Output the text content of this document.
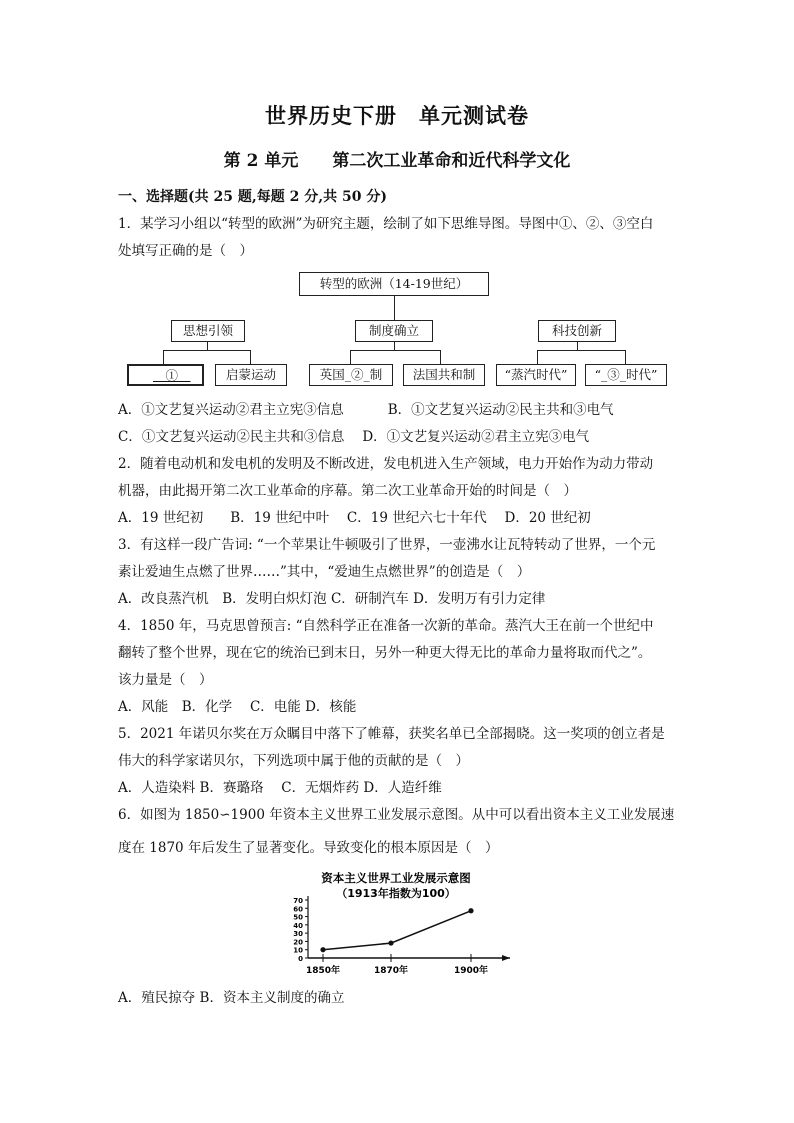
世界历史下册　单元测试卷
第 2 单元　　第二次工业革命和近代科学文化
一、选择题(共 25 题,每题 2 分,共 50 分)
1．某学习小组以“转型的欧洲”为研究主题，绘制了如下思维导图。导图中①、②、③空白
处填写正确的是（　）
转型的欧洲（14-19世纪）
思想引领	制度确立	科技创新
　①　	启蒙运动	英国_②_制	法国共和制	“蒸汽时代”	“_③_时代”
A．①文艺复兴运动②君主立宪③信息	B．①文艺复兴运动②民主共和③电气
C．①文艺复兴运动②民主共和③信息 D．①文艺复兴运动②君主立宪③电气
2．随着电动机和发电机的发明及不断改进，发电机进入生产领域，电力开始作为动力带动
机器，由此揭开第二次工业革命的序幕。第二次工业革命开始的时间是（　）
A．19 世纪初　　B．19 世纪中叶　 C．19 世纪六七十年代　 D．20 世纪初
3．有这样一段广告词: “一个苹果让牛顿吸引了世界，一壶沸水让瓦特转动了世界，一个元
素让爱迪生点燃了世界……”其中，“爱迪生点燃世界”的创造是（　）
A．改良蒸汽机　B．发明白炽灯泡 C．研制汽车 D．发明万有引力定律
4．1850 年，马克思曾预言: “自然科学正在准备一次新的革命。蒸汽大王在前一个世纪中
翻转了整个世界，现在它的统治已到末日，另外一种更大得无比的革命力量将取而代之”。
该力量是（　）
A．风能　B．化学　 C．电能 D．核能
5．2021 年诺贝尔奖在万众瞩目中落下了帷幕，获奖名单已全部揭晓。这一奖项的创立者是
伟大的科学家诺贝尔，下列选项中属于他的贡献的是（　）
A．人造染料 B．赛璐珞　 C．无烟炸药 D．人造纤维
6．如图为 1850∽1900 年资本主义世界工业发展示意图。从中可以看出资本主义工业发展速
度在 1870 年后发生了显著变化。导致变化的根本原因是（　）
资本主义世界工业发展示意图
（1913年指数为100）
0
10
20
30
40
50
60
70
1850年	1870年	1900年
A．殖民掠夺 B．资本主义制度的确立
